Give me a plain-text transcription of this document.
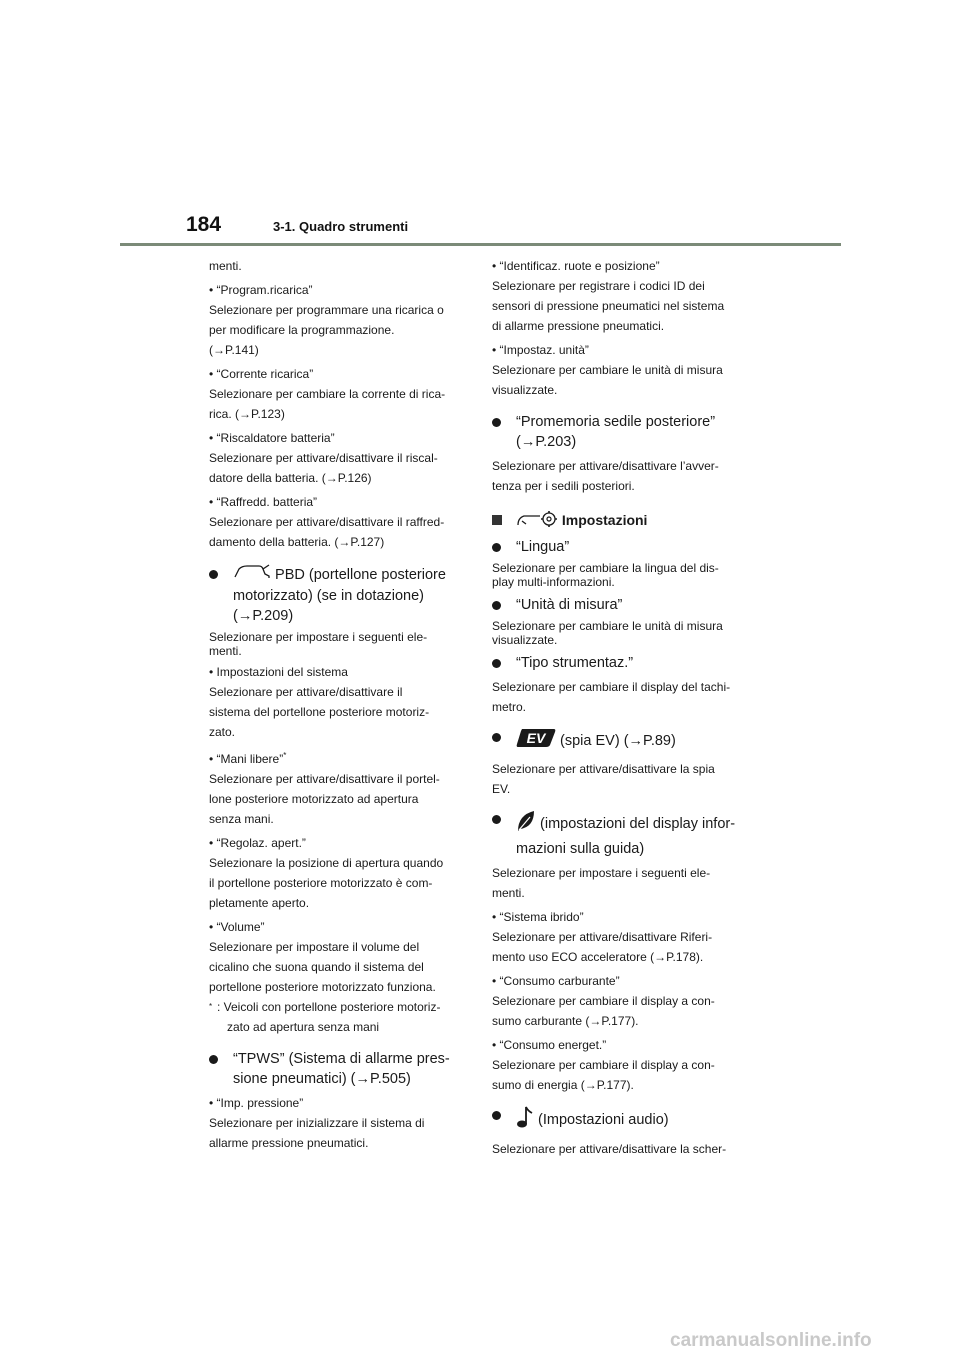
184	3-1. Quadro strumenti

menti.

• “Program.ricarica”

Selezionare per programmare una ricarica o

per modificare la programmazione.

(→P.141)

• “Corrente ricarica”

Selezionare per cambiare la corrente di rica-

rica. (→P.123)

• “Riscaldatore batteria”

Selezionare per attivare/disattivare il riscal-

datore della batteria. (→P.126)

• “Raffredd. batteria”

Selezionare per attivare/disattivare il raffred-

damento della batteria. (→P.127)

PBD (portellone posteriore
motorizzato) (se in dotazione)
(→P.209)

Selezionare per impostare i seguenti ele-

menti.

• Impostazioni del sistema

Selezionare per attivare/disattivare il

sistema del portellone posteriore motoriz-

zato.

• “Mani libere”*

Selezionare per attivare/disattivare il portel-

lone posteriore motorizzato ad apertura

senza mani.

• “Regolaz. apert.”

Selezionare la posizione di apertura quando

il portellone posteriore motorizzato è com-

pletamente aperto.

• “Volume”

Selezionare per impostare il volume del

cicalino che suona quando il sistema del

portellone posteriore motorizzato funziona.

* : Veicoli con portellone posteriore motoriz-
zato ad apertura senza mani
“TPWS” (Sistema di allarme pres-
sione pneumatici) (→P.505)

• “Imp. pressione”

Selezionare per inizializzare il sistema di

allarme pressione pneumatici.

• “Identificaz. ruote e posizione”

Selezionare per registrare i codici ID dei

sensori di pressione pneumatici nel sistema

di allarme pressione pneumatici.

• “Impostaz. unità”

Selezionare per cambiare le unità di misura

visualizzate.

“Promemoria sedile posteriore”
(→P.203)

Selezionare per attivare/disattivare l’avver-

tenza per i sedili posteriori.

Impostazioni
“Lingua”

Selezionare per cambiare la lingua del dis-

play multi-informazioni.

“Unità di misura”

Selezionare per cambiare le unità di misura

visualizzate.

“Tipo strumentaz.”

Selezionare per cambiare il display del tachi-

metro.

EV (spia EV) (→P.89)

Selezionare per attivare/disattivare la spia

EV.

(impostazioni del display infor-
mazioni sulla guida)

Selezionare per impostare i seguenti ele-

menti.

• “Sistema ibrido”

Selezionare per attivare/disattivare Riferi-

mento uso ECO acceleratore (→P.178).

• “Consumo carburante”

Selezionare per cambiare il display a con-

sumo carburante (→P.177).

• “Consumo energet.”

Selezionare per cambiare il display a con-

sumo di energia (→P.177).

(Impostazioni audio)

Selezionare per attivare/disattivare la scher-

carmanualsonline.info
